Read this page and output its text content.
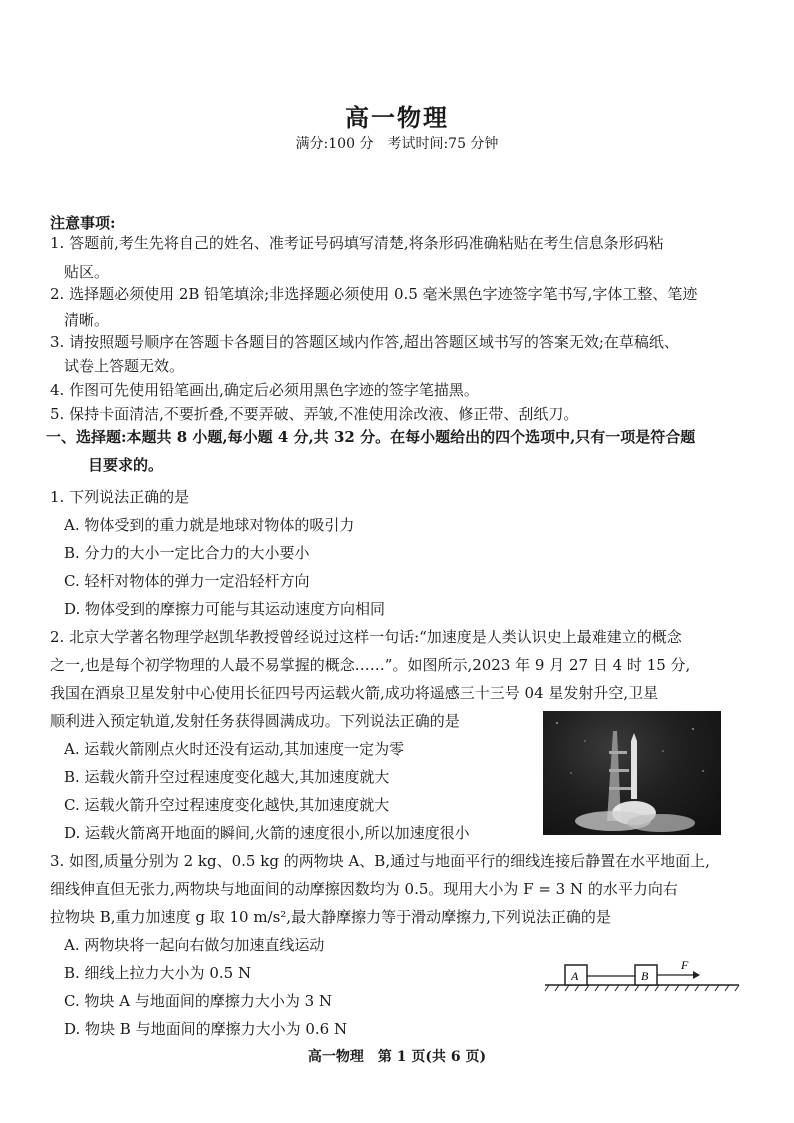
高一物理
满分:100 分　考试时间:75 分钟
注意事项:
1. 答题前,考生先将自己的姓名、准考证号码填写清楚,将条形码准确粘贴在考生信息条形码粘
贴区。
2. 选择题必须使用 2B 铅笔填涂;非选择题必须使用 0.5 毫米黑色字迹签字笔书写,字体工整、笔迹
清晰。
3. 请按照题号顺序在答题卡各题目的答题区域内作答,超出答题区域书写的答案无效;在草稿纸、
试卷上答题无效。
4. 作图可先使用铅笔画出,确定后必须用黑色字迹的签字笔描黑。
5. 保持卡面清洁,不要折叠,不要弄破、弄皱,不准使用涂改液、修正带、刮纸刀。
一、选择题:本题共 8 小题,每小题 4 分,共 32 分。在每小题给出的四个选项中,只有一项是符合题
目要求的。
1. 下列说法正确的是
A. 物体受到的重力就是地球对物体的吸引力
B. 分力的大小一定比合力的大小要小
C. 轻杆对物体的弹力一定沿轻杆方向
D. 物体受到的摩擦力可能与其运动速度方向相同
2. 北京大学著名物理学赵凯华教授曾经说过这样一句话:“加速度是人类认识史上最难建立的概念
之一,也是每个初学物理的人最不易掌握的概念……”。如图所示,2023 年 9 月 27 日 4 时 15 分,
我国在酒泉卫星发射中心使用长征四号丙运载火箭,成功将遥感三十三号 04 星发射升空,卫星
顺利进入预定轨道,发射任务获得圆满成功。下列说法正确的是
A. 运载火箭刚点火时还没有运动,其加速度一定为零
B. 运载火箭升空过程速度变化越大,其加速度就大
C. 运载火箭升空过程速度变化越快,其加速度就大
D. 运载火箭离开地面的瞬间,火箭的速度很小,所以加速度很小
3. 如图,质量分别为 2 kg、0.5 kg 的两物块 A、B,通过与地面平行的细线连接后静置在水平地面上,
细线伸直但无张力,两物块与地面间的动摩擦因数均为 0.5。现用大小为 F = 3 N 的水平力向右
拉物块 B,重力加速度 g 取 10 m/s²,最大静摩擦力等于滑动摩擦力,下列说法正确的是
A. 两物块将一起向右做匀加速直线运动
B. 细线上拉力大小为 0.5 N
C. 物块 A 与地面间的摩擦力大小为 3 N
D. 物块 B 与地面间的摩擦力大小为 0.6 N
A	B
F
高一物理　第 1 页(共 6 页)
